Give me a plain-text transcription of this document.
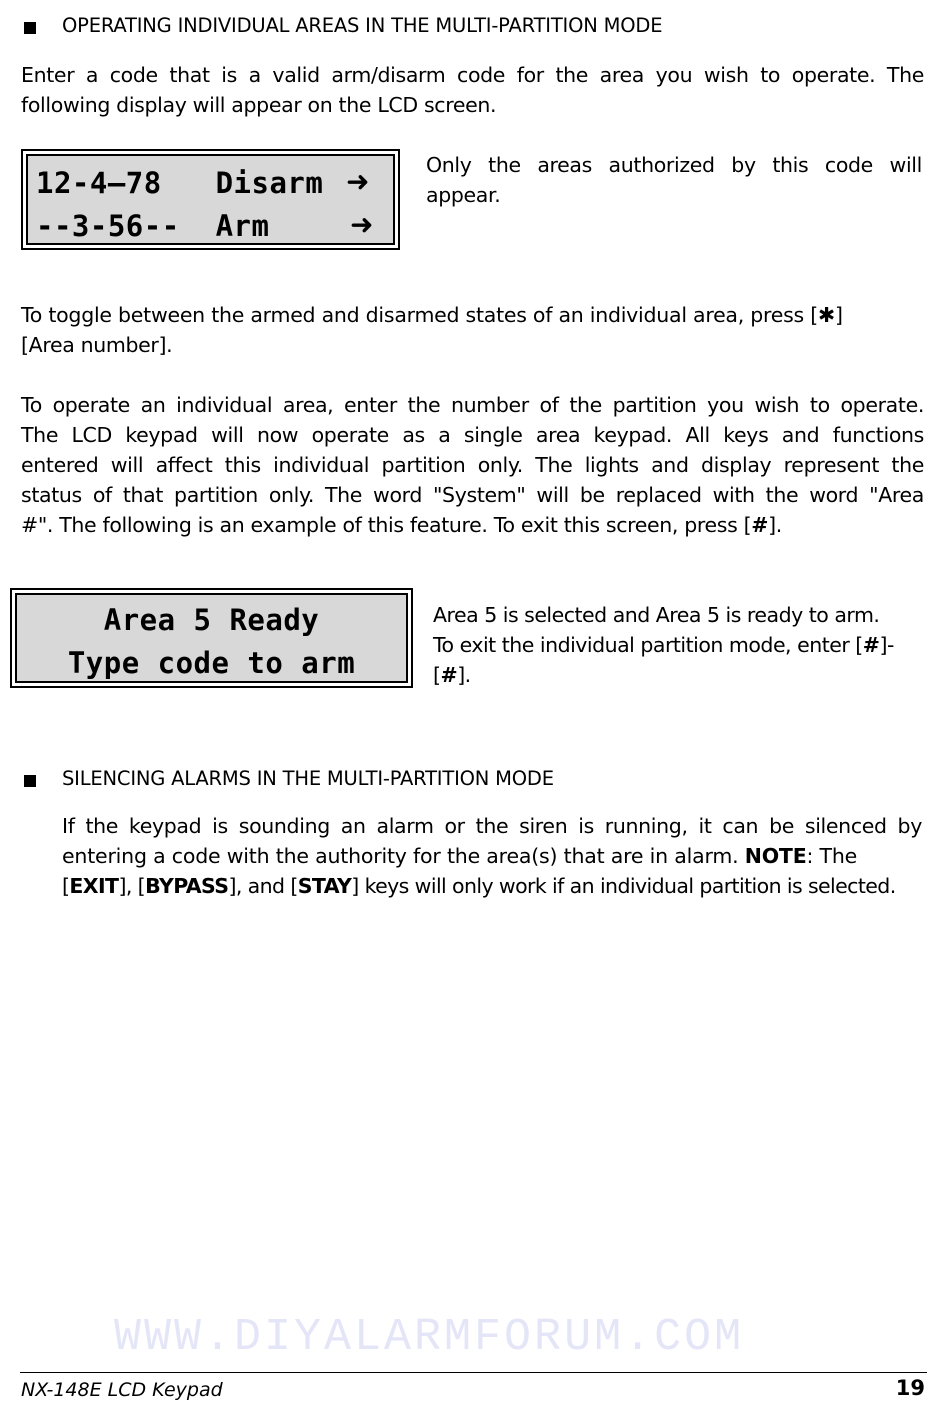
OPERATING INDIVIDUAL AREAS IN THE MULTI-PARTITION MODE
Enter a code that is a valid arm/disarm code for the area you wish to operate. The
following display will appear on the LCD screen.
12-4–78   Disarm ➜
--3-56--  Arm	➜
Only the areas authorized by this code will
appear.
To toggle between the armed and disarmed states of an individual area, press [✱]
[Area number].
To operate an individual area, enter the number of the partition you wish to operate.
The LCD keypad will now operate as a single area keypad. All keys and functions
entered will affect this individual partition only. The lights and display represent the
status of that partition only. The word "System" will be replaced with the word "Area
#". The following is an example of this feature. To exit this screen, press [#].
Area 5 Ready
Type code to arm
Area 5 is selected and Area 5 is ready to arm.
To exit the individual partition mode, enter [#]-
[#].
SILENCING ALARMS IN THE MULTI-PARTITION MODE
If the keypad is sounding an alarm or the siren is running, it can be silenced by
entering a code with the authority for the area(s) that are in alarm. NOTE: The
[EXIT], [BYPASS], and [STAY] keys will only work if an individual partition is selected.
WWW.DIYALARMFORUM.COM
NX-148E LCD Keypad	19
